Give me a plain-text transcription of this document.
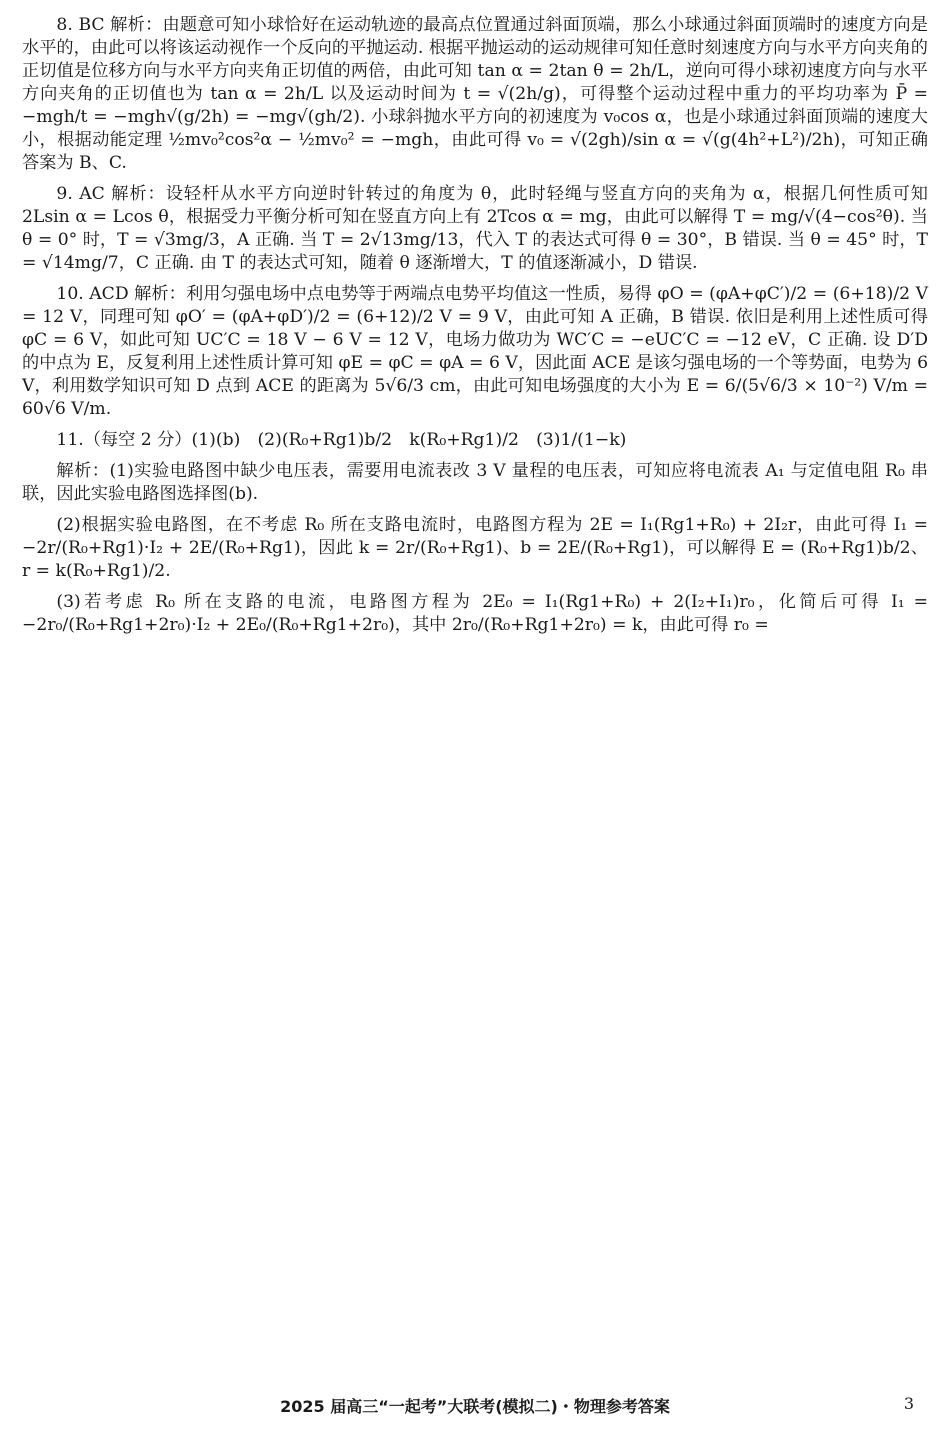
8. BC 解析：由题意可知小球恰好在运动轨迹的最高点位置通过斜面顶端，那么小球通过斜面顶端时的速度方向是水平的，由此可以将该运动视作一个反向的平抛运动. 根据平抛运动的运动规律可知任意时刻速度方向与水平方向夹角的正切值是位移方向与水平方向夹角正切值的两倍，由此可知 tan α = 2tan θ = 2h/L，逆向可得小球初速度方向与水平方向夹角的正切值也为 tan α = 2h/L 以及运动时间为 t = √(2h/g)，可得整个运动过程中重力的平均功率为 P̄ = −mgh/t = −mgh√(g/2h) = −mg√(gh/2). 小球斜抛水平方向的初速度为 v₀cos α，也是小球通过斜面顶端的速度大小，根据动能定理 ½mv₀²cos²α − ½mv₀² = −mgh，由此可得 v₀ = √(2gh)/sin α = √(g(4h²+L²)/2h)，可知正确答案为 B、C.

9. AC 解析：设轻杆从水平方向逆时针转过的角度为 θ，此时轻绳与竖直方向的夹角为 α，根据几何性质可知 2Lsin α = Lcos θ，根据受力平衡分析可知在竖直方向上有 2Tcos α = mg，由此可以解得 T = mg/√(4−cos²θ). 当 θ = 0° 时，T = √3mg/3，A 正确. 当 T = 2√13mg/13，代入 T 的表达式可得 θ = 30°，B 错误. 当 θ = 45° 时，T = √14mg/7，C 正确. 由 T 的表达式可知，随着 θ 逐渐增大，T 的值逐渐减小，D 错误.

10. ACD 解析：利用匀强电场中点电势等于两端点电势平均值这一性质，易得 φO = (φA+φC′)/2 = (6+18)/2 V = 12 V，同理可知 φO′ = (φA+φD′)/2 = (6+12)/2 V = 9 V，由此可知 A 正确，B 错误. 依旧是利用上述性质可得 φC = 6 V，如此可知 UC′C = 18 V − 6 V = 12 V，电场力做功为 WC′C = −eUC′C = −12 eV，C 正确. 设 D′D 的中点为 E，反复利用上述性质计算可知 φE = φC = φA = 6 V，因此面 ACE 是该匀强电场的一个等势面，电势为 6 V，利用数学知识可知 D 点到 ACE 的距离为 5√6/3 cm，由此可知电场强度的大小为 E = 6/(5√6/3 × 10⁻²) V/m = 60√6 V/m.

11.（每空 2 分）(1)(b)　(2)(R₀+Rg1)b/2　k(R₀+Rg1)/2　(3)1/(1−k)

解析：(1)实验电路图中缺少电压表，需要用电流表改 3 V 量程的电压表，可知应将电流表 A₁ 与定值电阻 R₀ 串联，因此实验电路图选择图(b).

(2)根据实验电路图，在不考虑 R₀ 所在支路电流时，电路图方程为 2E = I₁(Rg1+R₀) + 2I₂r，由此可得 I₁ = −2r/(R₀+Rg1)·I₂ + 2E/(R₀+Rg1)，因此 k = 2r/(R₀+Rg1)、b = 2E/(R₀+Rg1)，可以解得 E = (R₀+Rg1)b/2、r = k(R₀+Rg1)/2.

(3)若考虑 R₀ 所在支路的电流，电路图方程为 2E₀ = I₁(Rg1+R₀) + 2(I₂+I₁)r₀，化简后可得 I₁ = −2r₀/(R₀+Rg1+2r₀)·I₂ + 2E₀/(R₀+Rg1+2r₀)，其中 2r₀/(R₀+Rg1+2r₀) = k，由此可得 r₀ =

2025 届高三“一起考”大联考(模拟二)・物理参考答案	3
